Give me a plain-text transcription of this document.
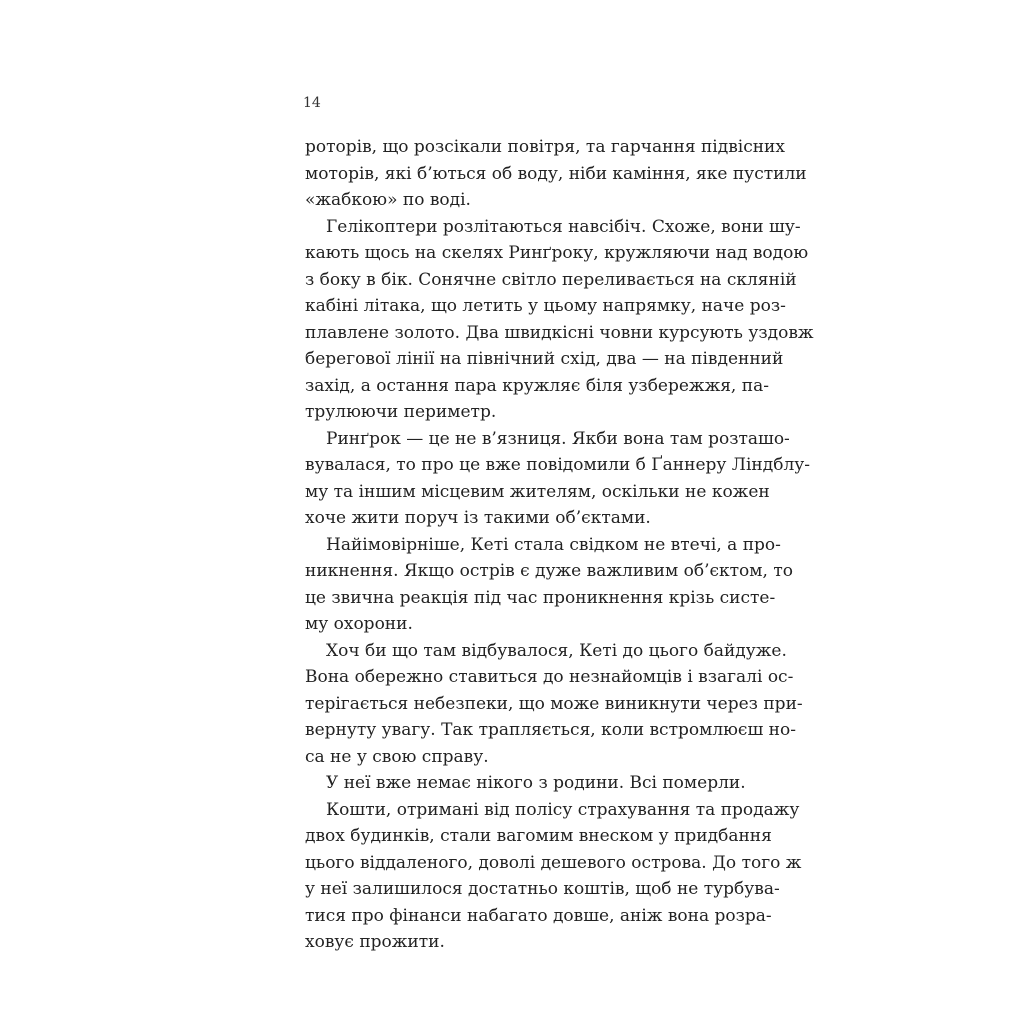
14
роторів, що розсікали повітря, та гарчання підвісних
моторів, які б’ються об воду, ніби каміння, яке пустили
«жабкою» по воді.
Гелікоптери розлітаються навсібіч. Схоже, вони шу-
кають щось на скелях Ринґроку, кружляючи над водою
з боку в бік. Сонячне світло переливається на скляній
кабіні літака, що летить у цьому напрямку, наче роз-
плавлене золото. Два швидкісні човни курсують уздовж
берегової лінії на північний схід, два — на південний
захід, а остання пара кружляє біля узбережжя, па-
трулюючи периметр.
Ринґрок — це не в’язниця. Якби вона там розташо-
вувалася, то про це вже повідомили б Ґаннеру Ліндблу-
му та іншим місцевим жителям, оскільки не кожен
хоче жити поруч із такими об’єктами.
Найімовірніше, Кеті стала свідком не втечі, а про-
никнення. Якщо острів є дуже важливим об’єктом, то
це звична реакція під час проникнення крізь систе-
му охорони.
Хоч би що там відбувалося, Кеті до цього байдуже.
Вона обережно ставиться до незнайомців і взагалі ос-
терігається небезпеки, що може виникнути через при-
вернуту увагу. Так трапляється, коли встромлюєш но-
са не у свою справу.
У неї вже немає нікого з родини. Всі померли.
Кошти, отримані від полісу страхування та продажу
двох будинків, стали вагомим внеском у придбання
цього віддаленого, доволі дешевого острова. До того ж
у неї залишилося достатньо коштів, щоб не турбува-
тися про фінанси набагато довше, аніж вона розра-
ховує прожити.
